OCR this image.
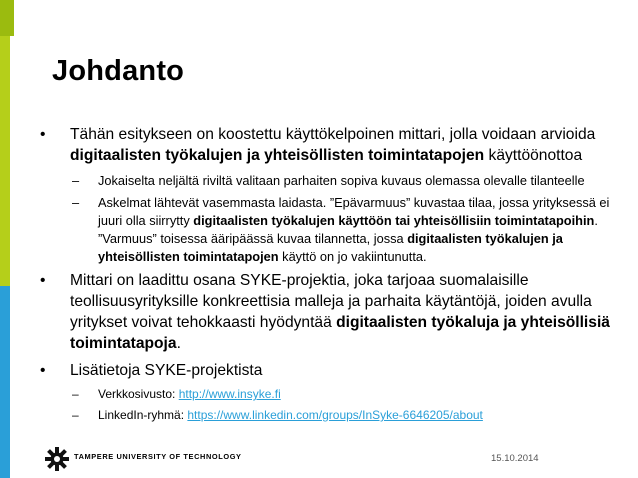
Johdanto
• Tähän esitykseen on koostettu käyttökelpoinen mittari, jolla voidaan arvioida digitaalisten työkalujen ja yhteisöllisten toimintatapojen käyttöönottoa
– Jokaiselta neljältä riviltä valitaan parhaiten sopiva kuvaus olemassa olevalle tilanteelle
– Askelmat lähtevät vasemmasta laidasta. ”Epävarmuus” kuvastaa tilaa, jossa yrityksessä ei juuri olla siirrytty digitaalisten työkalujen käyttöön tai yhteisöllisiin toimintatapoihin. ”Varmuus” toisessa ääripäässä kuvaa tilannetta, jossa digitaalisten työkalujen ja yhteisöllisten toimintatapojen käyttö on jo vakiintunutta.
• Mittari on laadittu osana SYKE-projektia, joka tarjoaa suomalaisille teollisuusyrityksille konkreettisia malleja ja parhaita käytäntöjä, joiden avulla yritykset voivat tehokkaasti hyödyntää digitaalisten työkaluja ja yhteisöllisiä toimintatapoja.
• Lisätietoja SYKE-projektista
– Verkkosivusto: http://www.insyke.fi
– LinkedIn-ryhmä: https://www.linkedin.com/groups/InSyke-6646205/about
TAMPERE UNIVERSITY OF TECHNOLOGY	15.10.2014
